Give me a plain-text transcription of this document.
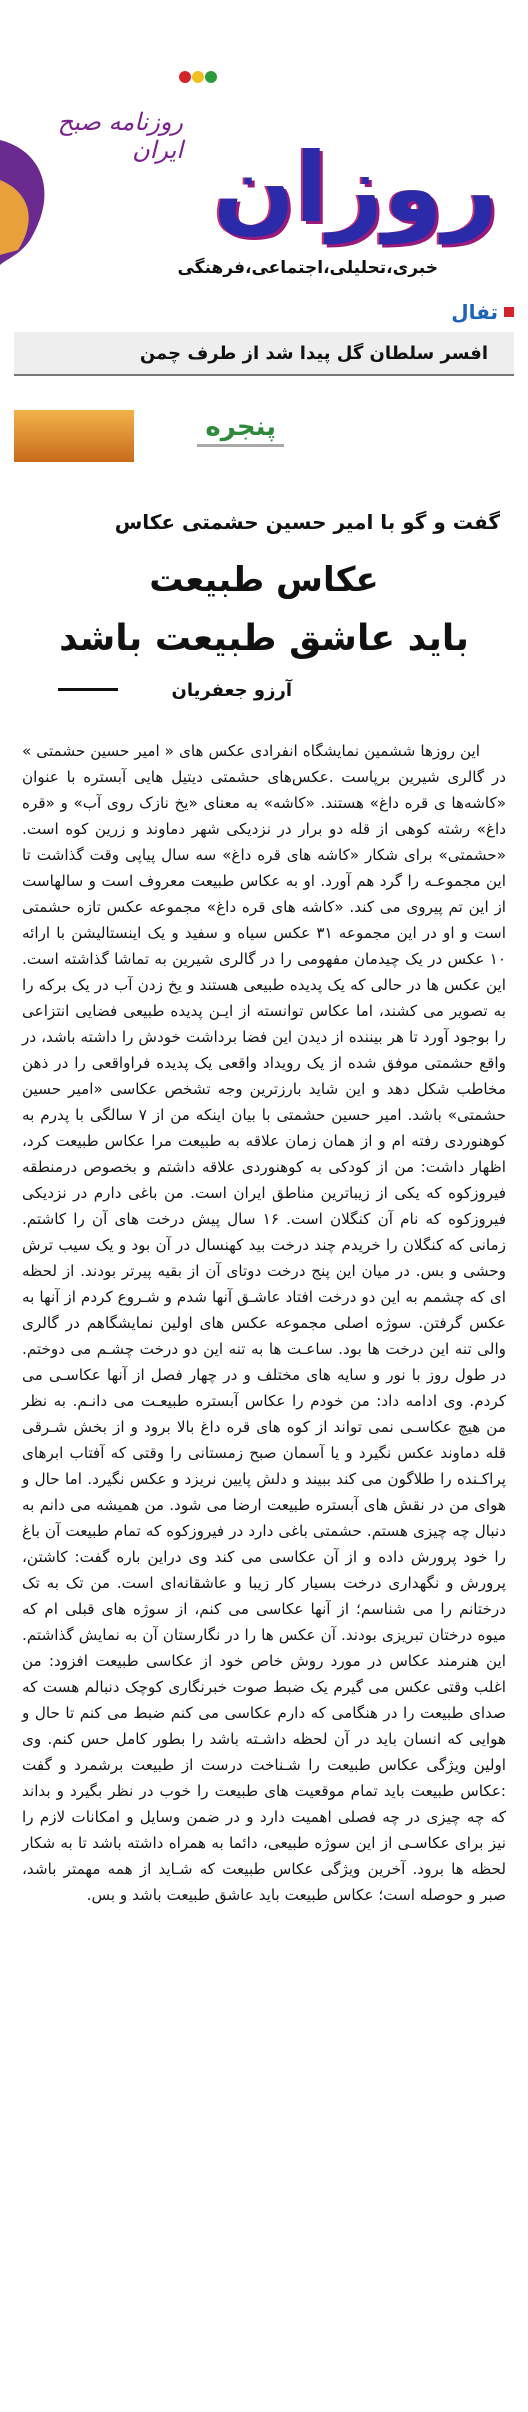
روزنامه صبح ایران روزان
خبری،تحلیلی،اجتماعی،فرهنگی
تفال
افسر سلطان گل پیدا شد از طرف چمن
پنجره
گفت و گو با امیر حسین حشمتی عکاس
عکاس طبیعت
باید عاشق طبیعت باشد
آرزو جعفریان

این روزها ششمین نمایشگاه انفرادی عکس های « امیر حسین حشمتی » در گالری شیرین برپاست .عکس‌های حشمتی دیتیل هایی آبستره با عنوان «کاشه‌ها ی قره داغ» هستند. «کاشه» به معنای «یخ نازک روی آب» و «قره داغ» رشته کوهی از قله دو برار در نزدیکی شهر دماوند و زرین کوه است. «حشمتی» برای شکار «کاشه های قره داغ» سه سال پیاپی وقت گذاشت تا این مجموعـه را گرد هم آورد. او به عکاس طبیعت معروف است و سالهاست از این تم پیروی می کند. «کاشه های قره داغ» مجموعه عکس تازه حشمتی است و او در این مجموعه ۳۱ عکس سیاه و سفید و یک اینستالیشن با ارائه ۱۰ عکس در یک چیدمان مفهومی را در گالری شیرین به تماشا گذاشته است. این عکس ها در حالی که یک پدیده طبیعی هستند و یخ زدن آب در یک برکه را به تصویر می کشند، اما عکاس توانسته از ایـن پدیده طبیعی فضایی انتزاعی را بوجود آورد تا هر بیننده از دیدن این فضا برداشت خودش را داشته باشد، در واقع حشمتی موفق شده از یک رویداد واقعی یک پدیده فراواقعی را در ذهن مخاطب شکل دهد و این شاید بارزترین وجه تشخص عکاسی «امیر حسین حشمتی» باشد. امیر حسین حشمتی با بیان اینکه من از ۷ سالگی با پدرم به کوهنوردی رفته ام و از همان زمان علاقه به طبیعت مرا عکاس طبیعت کرد، اظهار داشت: من از کودکی به کوهنوردی علاقه داشتم و بخصوص درمنطقه فیروزکوه که یکی از زیباترین مناطق ایران است. من باغی دارم در نزدیکی فیروزکوه که نام آن کنگلان است. ۱۶ سال پیش درخت های آن را کاشتم. زمانی که کنگلان را خریدم چند درخت بید کهنسال در آن بود و یک سیب ترش وحشی و بس. در میان این پنج درخت دوتای آن از بقیه پیرتر بودند. از لحظه ای که چشمم به این دو درخت افتاد عاشـق آنها شدم و شـروع کردم از آنها به عکس گرفتن. سوژه اصلی مجموعه عکس های اولین نمایشگاهم در گالری والی تنه این درخت ها بود. ساعـت ها به تنه این دو درخت چشـم می دوختم. در طول روز با نور و سایه های مختلف و در چهار فصل از آنها عکاسـی می کردم. وی ادامه داد: من خودم را عکاس آبستره طبیعـت می دانـم. به نظر من هیچ عکاسـی نمی تواند از کوه های قره داغ بالا برود و از بخش شـرقی قله دماوند عکس نگیرد و یا آسمان صبح زمستانی را وقتی که آفتاب ابرهای پراکـنده را طلاگون می کند ببیند و دلش پایین نریزد و عکس نگیرد. اما حال و هوای من در نقش های آبستره طبیعت ارضا می شود. من همیشه می دانم به دنبال چه چیزی هستم. حشمتی باغی دارد در فیروزکوه که تمام طبیعت آن باغ را خود پرورش داده و از آن عکاسی می کند وی دراین باره گفت: کاشتن، پرورش و نگهداری درخت بسیار کار زیبا و عاشقانه‌ای است. من تک به تک درختانم را می شناسم؛ از آنها عکاسی می کنم، از سوژه های قبلی ام که میوه درختان تبریزی بودند. آن عکس ها را در نگارستان آن به نمایش گذاشتم. این هنرمند عکاس در مورد روش خاص خود از عکاسی طبیعت افزود: من اغلب وقتی عکس می گیرم یک ضبط صوت خبرنگاری کوچک دنبالم هست که صدای طبیعت را در هنگامی که دارم عکاسی می کنم ضبط می کنم تا حال و هوایی که انسان باید در آن لحظه داشـته باشد را بطور کامل حس کنم. وی اولین ویژگی عکاس طبیعت را شـناخت درست از طبیعت برشمرد و گفت :عکاس طبیعت باید تمام موقعیت های طبیعت را خوب در نظر بگیرد و بداند که چه چیزی در چه فصلی اهمیت دارد و در ضمن وسایل و امکانات لازم را نیز برای عکاسـی از این سوژه طبیعی، دائما به همراه داشته باشد تا به شکار لحظه ها برود. آخرین ویژگی عکاس طبیعت که شـاید از همه مهمتر باشد، صبر و حوصله است؛ عکاس طبیعت باید عاشق طبیعت باشد و بس.
